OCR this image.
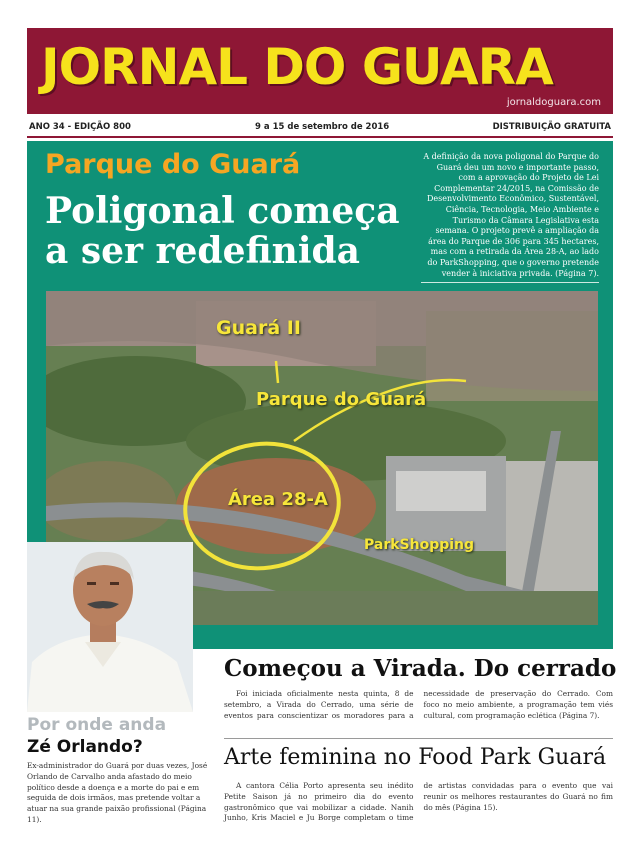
JORNAL DO GUARA
jornaldoguara.com
ANO 34 - EDIÇÃO 800	9 a 15 de setembro de 2016	DISTRIBUIÇÃO GRATUITA
Parque do Guará
Poligonal começa a ser redefinida
A definição da nova poligonal do Parque do Guará deu um novo e importante passo, com a aprovação do Projeto de Lei Complementar 24/2015, na Comissão de Desenvolvimento Econômico, Sustentável, Ciência, Tecnologia, Meio Ambiente e Turismo da Câmara Legislativa esta semana. O projeto prevê a ampliação da área do Parque de 306 para 345 hectares, mas com a retirada da Área 28-A, ao lado do ParkShopping, que o governo pretende vender à iniciativa privada. (Página 7).
Guará II
Parque do Guará
Área 28-A
ParkShopping
Por onde anda
Zé Orlando?
Ex-administrador do Guará por duas vezes, José Orlando de Carvalho anda afastado do meio político desde a doença e a morte do pai e em seguida de dois irmãos, mas pretende voltar a atuar na sua grande paixão profissional (Página 11).
Começou a Virada. Do cerrado

Foi iniciada oficialmente nesta quinta, 8 de setembro, a Virada do Cerrado, uma série de eventos para conscientizar os moradores para a necessidade de preservação do Cerrado. Com foco no meio ambiente, a programação tem viés cultural, com programação eclética (Página 7).

Arte feminina no Food Park Guará

A cantora Célia Porto apresenta seu inédito Petite Saison já no primeiro dia do evento gastronômico que vai mobilizar a cidade. Nanih Junho, Kris Maciel e Ju Borge completam o time de artistas convidadas para o evento que vai reunir os melhores restaurantes do Guará no fim do mês (Página 15).
